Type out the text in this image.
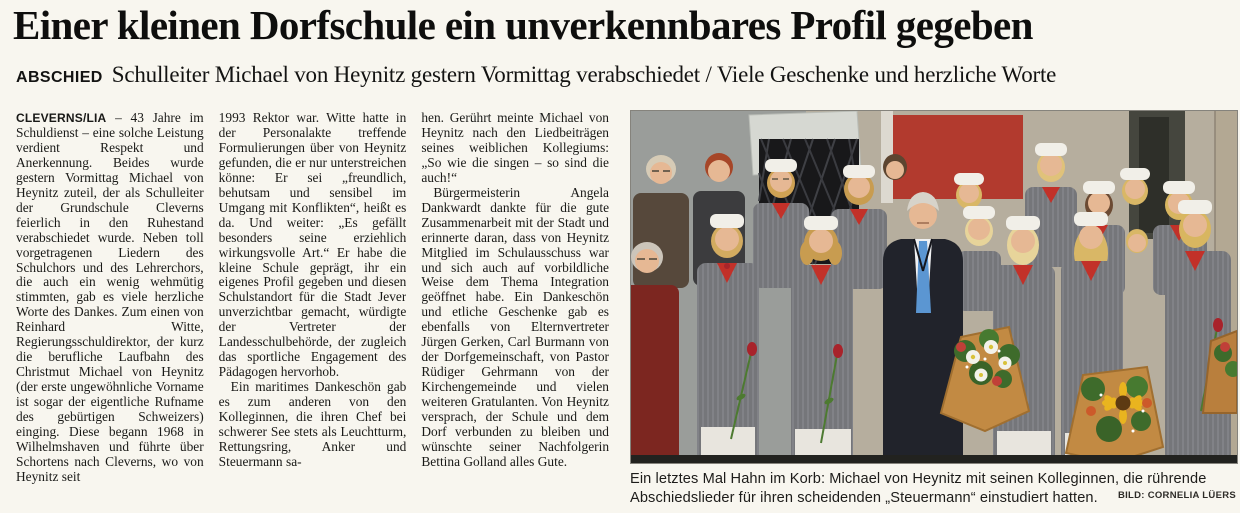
Einer kleinen Dorfschule ein unverkennbares Profil gegeben
ABSCHIED Schulleiter Michael von Heynitz gestern Vormittag verabschiedet / Viele Geschenke und herzliche Worte

CLEVERNS/LIA – 43 Jahre im Schuldienst – eine solche Leistung verdient Respekt und Anerkennung. Beides wurde gestern Vormittag Michael von Heynitz zuteil, der als Schulleiter der Grundschule Cleverns feierlich in den Ruhestand verabschiedet wurde. Neben toll vorgetragenen Liedern des Schulchors und des Lehrerchors, die auch ein wenig wehmütig stimmten, gab es viele herzliche Worte des Dankes. Zum einen von Reinhard Witte, Regierungsschuldirektor, der kurz die berufliche Laufbahn des Christmut Michael von Heynitz (der erste ungewöhnliche Vorname ist sogar der eigentliche Rufname des gebürtigen Schweizers) einging. Diese begann 1968 in Wilhelmshaven und führte über Schortens nach Cleverns, wo von Heynitz seit

1993 Rektor war. Witte hatte in der Personalakte treffende Formulierungen über von Heynitz gefunden, die er nur unterstreichen könne: Er sei „freundlich, behutsam und sensibel im Umgang mit Konflikten“, heißt es da. Und weiter: „Es gefällt besonders seine erziehlich wirkungsvolle Art.“ Er habe die kleine Schule geprägt, ihr ein eigenes Profil gegeben und diesen Schulstandort für die Stadt Jever unverzichtbar gemacht, würdigte der Vertreter der Landesschulbehörde, der zugleich das sportliche Engagement des Pädagogen hervorhob.

Ein maritimes Dankeschön gab es zum anderen von den Kolleginnen, die ihren Chef bei schwerer See stets als Leuchtturm, Rettungsring, Anker und Steuermann sa-

hen. Gerührt meinte Michael von Heynitz nach den Liedbeiträgen seines weiblichen Kollegiums: „So wie die singen – so sind die auch!“

Bürgermeisterin Angela Dankwardt dankte für die gute Zusammenarbeit mit der Stadt und erinnerte daran, dass von Heynitz Mitglied im Schulausschuss war und sich auch auf vorbildliche Weise dem Thema Integration geöffnet habe. Ein Dankeschön und etliche Geschenke gab es ebenfalls von Elternvertreter Jürgen Gerken, Carl Burmann von der Dorfgemeinschaft, von Pastor Rüdiger Gehrmann von der Kirchengemeinde und vielen weiteren Gratulanten. Von Heynitz versprach, der Schule und dem Dorf verbunden zu bleiben und wünschte seiner Nachfolgerin Bettina Golland alles Gute.

Ein letztes Mal Hahn im Korb: Michael von Heynitz mit seinen Kolleginnen, die rührende Abschiedslieder für ihren scheidenden „Steuermann“ einstudiert hatten. BILD: CORNELIA LÜERS
